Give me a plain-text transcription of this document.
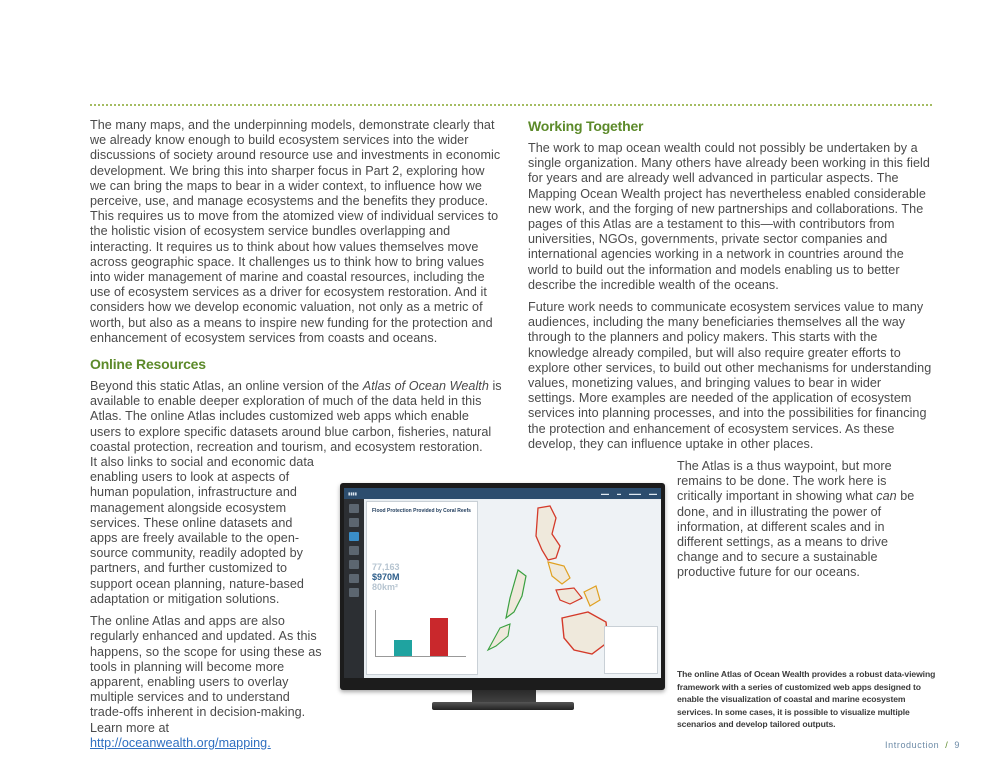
The many maps, and the underpinning models, demonstrate clearly that we already know enough to build ecosystem services into the wider discussions of society around resource use and investments in economic development. We bring this into sharper focus in Part 2, exploring how we can bring the maps to bear in a wider context, to influence how we perceive, use, and manage ecosystems and the benefits they produce. This requires us to move from the atomized view of individual services to the holistic vision of ecosystem service bundles overlapping and interacting. It requires us to think about how values themselves move across geographic space. It challenges us to think how to bring values into wider management of marine and coastal resources, including the use of ecosystem services as a driver for ecosystem restoration. And it considers how we develop economic valuation, not only as a metric of worth, but also as a means to inspire new funding for the protection and enhancement of ecosystem services from coasts and oceans.

Online Resources

Beyond this static Atlas, an online version of the Atlas of Ocean Wealth is available to enable deeper exploration of much of the data held in this Atlas. The online Atlas includes customized web apps which enable users to explore specific datasets around blue carbon, fisheries, natural coastal protection, recreation and tourism, and ecosystem restoration.

It also links to social and economic data enabling users to look at aspects of human population, infrastructure and management alongside ecosystem services. These online datasets and apps are freely available to the open-source community, readily adopted by partners, and further customized to support ocean planning, nature-based adaptation or mitigation solutions.

The online Atlas and apps are also regularly enhanced and updated. As this happens, so the scope for using these as tools in planning will become more apparent, enabling users to overlay multiple services and to understand trade-offs inherent in decision-making. Learn more at http://oceanwealth.org/mapping.

Working Together

The work to map ocean wealth could not possibly be undertaken by a single organization. Many others have already been working in this field for years and are already well advanced in particular aspects. The Mapping Ocean Wealth project has nevertheless enabled considerable new work, and the forging of new partnerships and collaborations. The pages of this Atlas are a testament to this—with contributors from universities, NGOs, governments, private sector companies and international agencies working in a network in countries around the world to build out the information and models enabling us to better describe the incredible wealth of the oceans.

Future work needs to communicate ecosystem services value to many audiences, including the many beneficiaries themselves all the way through to the planners and policy makers. This starts with the knowledge already compiled, but will also require greater efforts to explore other services, to build out other mechanisms for understanding values, monetizing values, and bringing values to bear in wider settings. More examples are needed of the application of ecosystem services into planning processes, and into the possibilities for financing the protection and enhancement of ecosystem services. As these develop, they can influence uptake in other places.

The Atlas is a thus waypoint, but more remains to be done. The work here is critically important in showing what can be done, and in illustrating the power of information, at different scales and in different settings, as a means to drive change and to secure a sustainable productive future for our oceans.

▮▮▮▮	▬▬ ▬ ▬▬▬ ▬▬
Flood Protection Provided by Coral Reefs
77,163
$970M
80km²
The online Atlas of Ocean Wealth provides a robust data-viewing framework with a series of customized web apps designed to enable the visualization of coastal and marine ecosystem services. In some cases, it is possible to visualize multiple scenarios and develop tailored outputs.
Introduction / 9
